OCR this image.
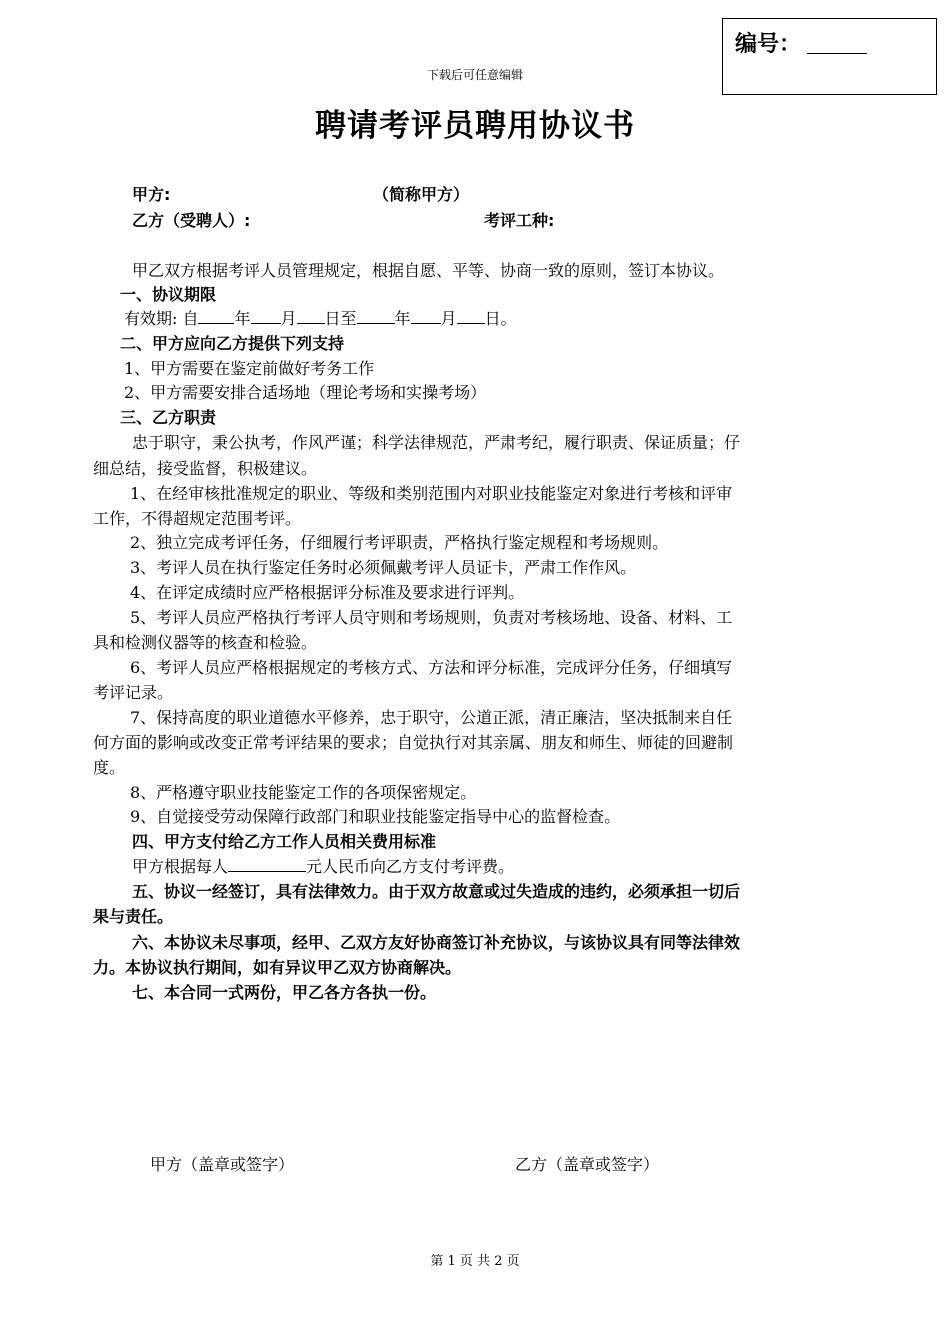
编号：
下载后可任意编辑
聘请考评员聘用协议书
甲方:	（简称甲方）
乙方（受聘人）:	考评工种:
甲乙双方根据考评人员管理规定，根据自愿、平等、协商一致的原则，签订本协议。
一、协议期限
有效期: 自 年 月 日至 年 月 日。
二、甲方应向乙方提供下列支持
1、甲方需要在鉴定前做好考务工作
2、甲方需要安排合适场地（理论考场和实操考场）
三、乙方职责
忠于职守，秉公执考，作风严谨；科学法律规范，严肃考纪，履行职责、保证质量；仔
细总结，接受监督，积极建议。
1、在经审核批准规定的职业、等级和类别范围内对职业技能鉴定对象进行考核和评审
工作，不得超规定范围考评。
2、独立完成考评任务，仔细履行考评职责，严格执行鉴定规程和考场规则。
3、考评人员在执行鉴定任务时必须佩戴考评人员证卡，严肃工作作风。
4、在评定成绩时应严格根据评分标准及要求进行评判。
5、考评人员应严格执行考评人员守则和考场规则，负责对考核场地、设备、材料、工
具和检测仪器等的核查和检验。
6、考评人员应严格根据规定的考核方式、方法和评分标准，完成评分任务，仔细填写
考评记录。
7、保持高度的职业道德水平修养，忠于职守，公道正派，清正廉洁，坚决抵制来自任
何方面的影响或改变正常考评结果的要求；自觉执行对其亲属、朋友和师生、师徒的回避制
度。
8、严格遵守职业技能鉴定工作的各项保密规定。
9、自觉接受劳动保障行政部门和职业技能鉴定指导中心的监督检查。
四、甲方支付给乙方工作人员相关费用标准
甲方根据每人	元人民币向乙方支付考评费。
五、协议一经签订，具有法律效力。由于双方故意或过失造成的违约，必须承担一切后
果与责任。
六、本协议未尽事项，经甲、乙双方友好协商签订补充协议，与该协议具有同等法律效
力。本协议执行期间，如有异议甲乙双方协商解决。
七、本合同一式两份，甲乙各方各执一份。
甲方（盖章或签字）	乙方（盖章或签字）
第 1 页 共 2 页
